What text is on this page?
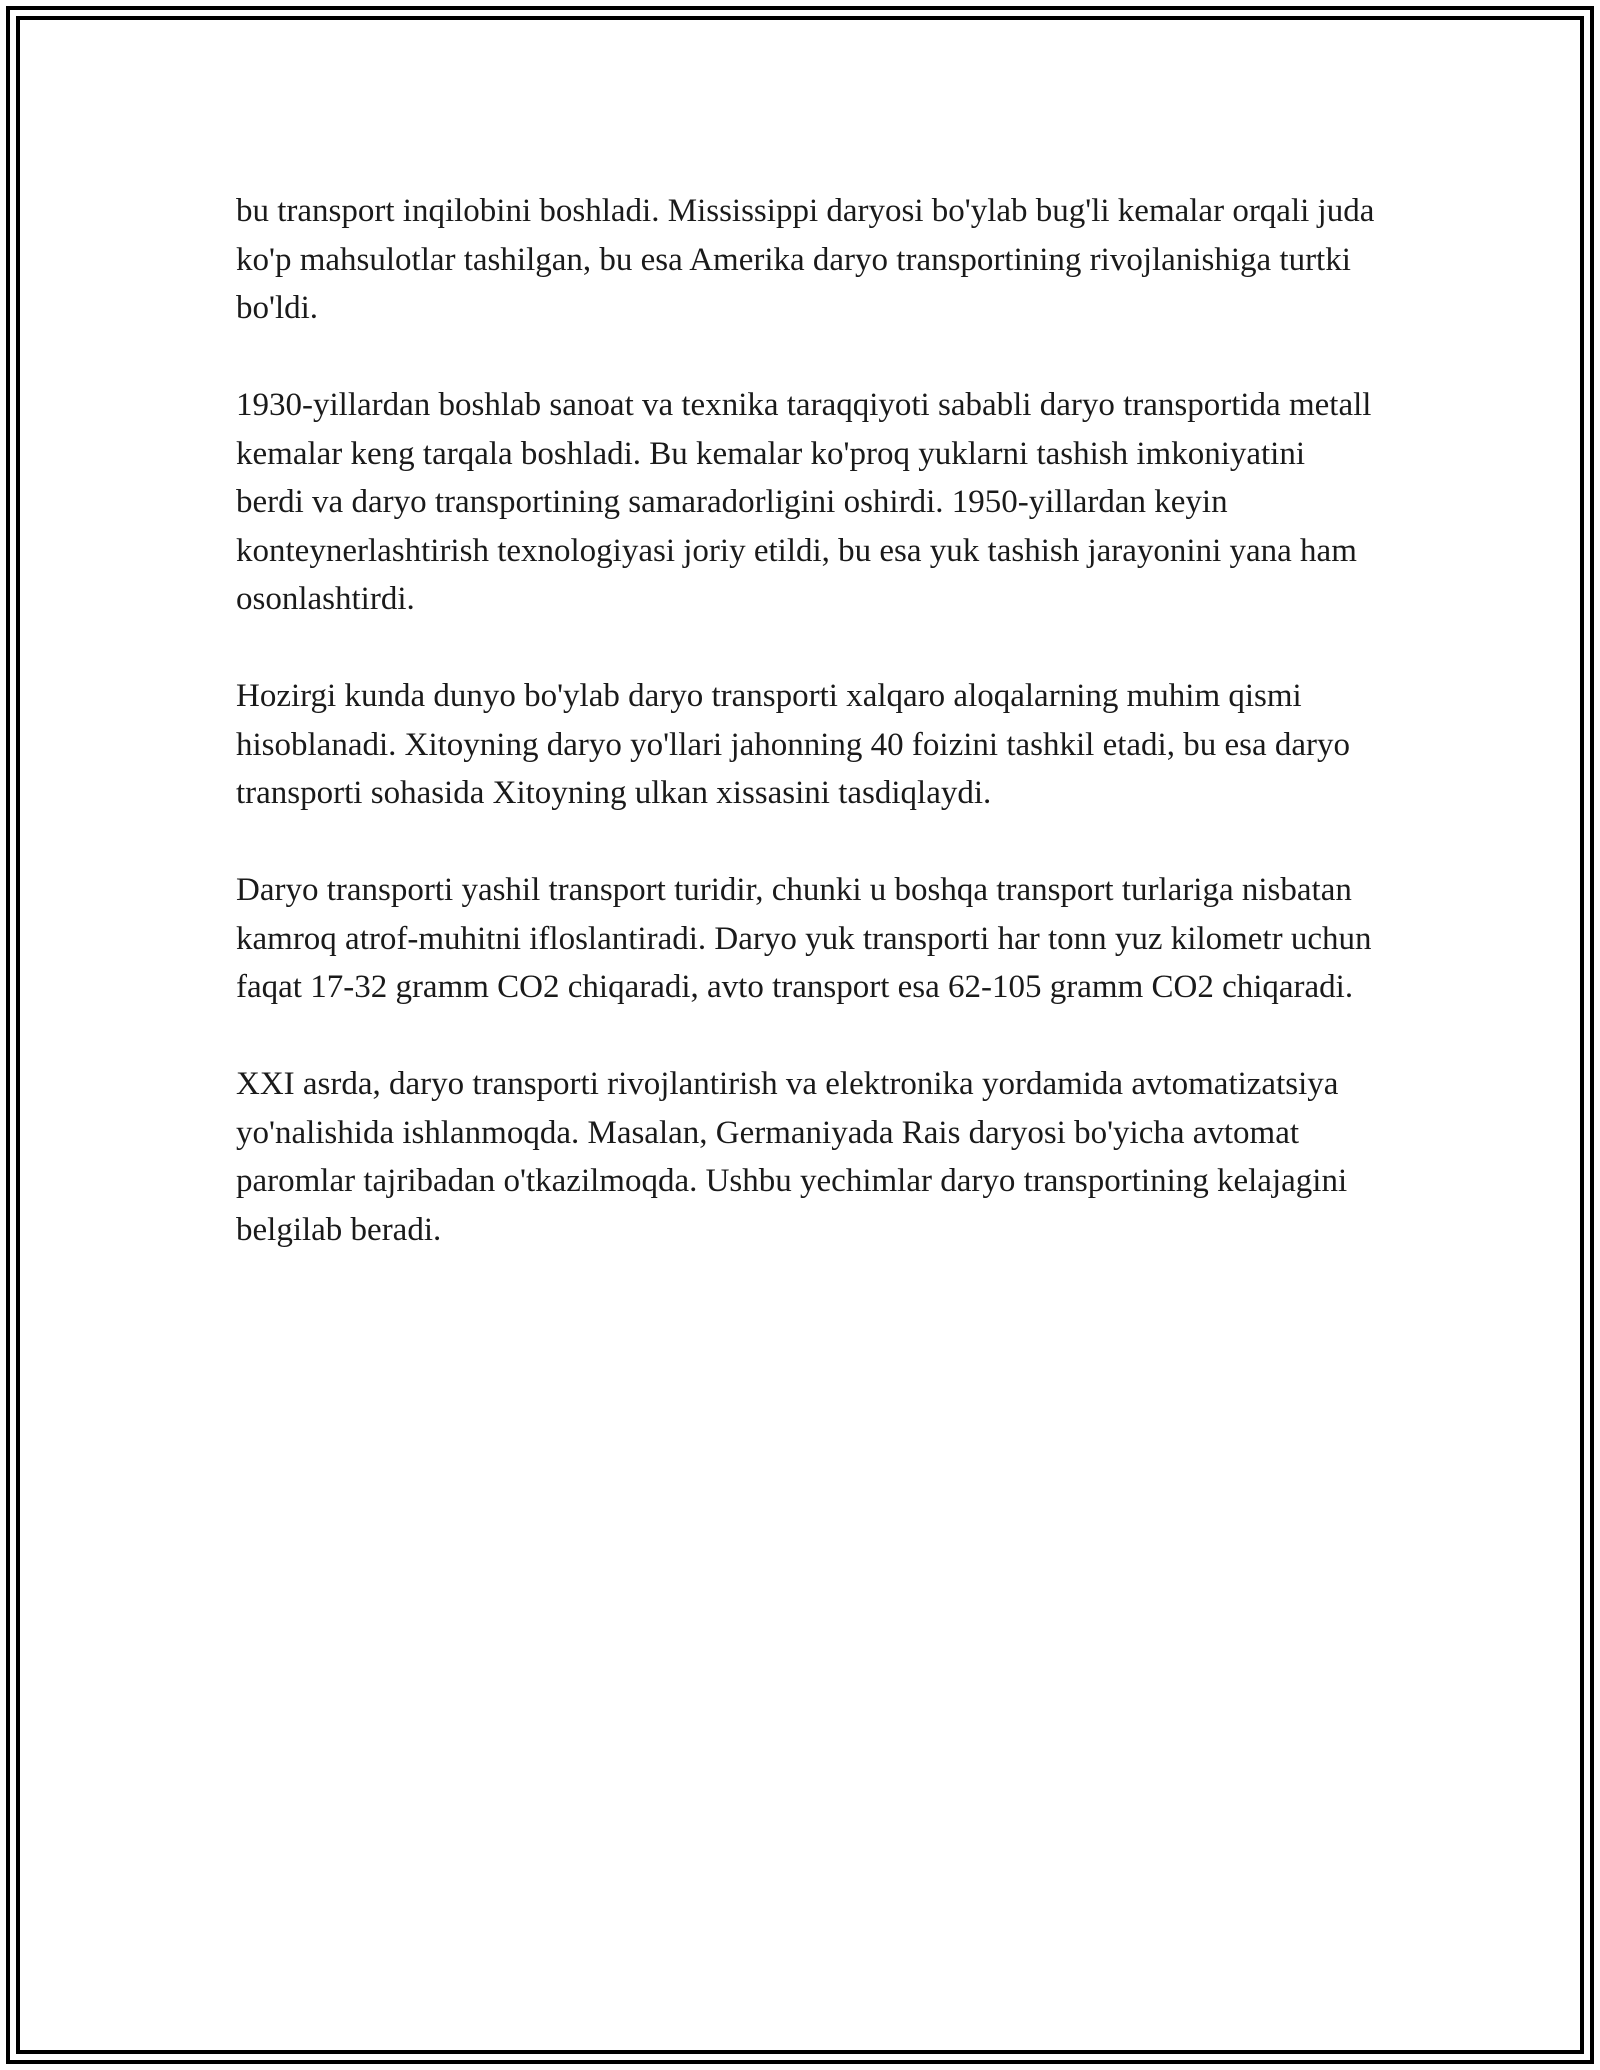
bu transport inqilobini boshladi. Mississippi daryosi bo'ylab bug'li kemalar orqali juda ko'p mahsulotlar tashilgan, bu esa Amerika daryo transportining rivojlanishiga turtki bo'ldi.

1930-yillardan boshlab sanoat va texnika taraqqiyoti sababli daryo transportida metall kemalar keng tarqala boshladi. Bu kemalar ko'proq yuklarni tashish imkoniyatini berdi va daryo transportining samaradorligini oshirdi. 1950-yillardan keyin konteynerlashtirish texnologiyasi joriy etildi, bu esa yuk tashish jarayonini yana ham osonlashtirdi.

Hozirgi kunda dunyo bo'ylab daryo transporti xalqaro aloqalarning muhim qismi hisoblanadi. Xitoyning daryo yo'llari jahonning 40 foizini tashkil etadi, bu esa daryo transporti sohasida Xitoyning ulkan xissasini tasdiqlaydi.

Daryo transporti yashil transport turidir, chunki u boshqa transport turlariga nisbatan kamroq atrof-muhitni ifloslantiradi. Daryo yuk transporti har tonn yuz kilometr uchun faqat 17-32 gramm CO2 chiqaradi, avto transport esa 62-105 gramm CO2 chiqaradi.

XXI asrda, daryo transporti rivojlantirish va elektronika yordamida avtomatizatsiya yo'nalishida ishlanmoqda. Masalan, Germaniyada Rais daryosi bo'yicha avtomat paromlar tajribadan o'tkazilmoqda. Ushbu yechimlar daryo transportining kelajagini belgilab beradi.
